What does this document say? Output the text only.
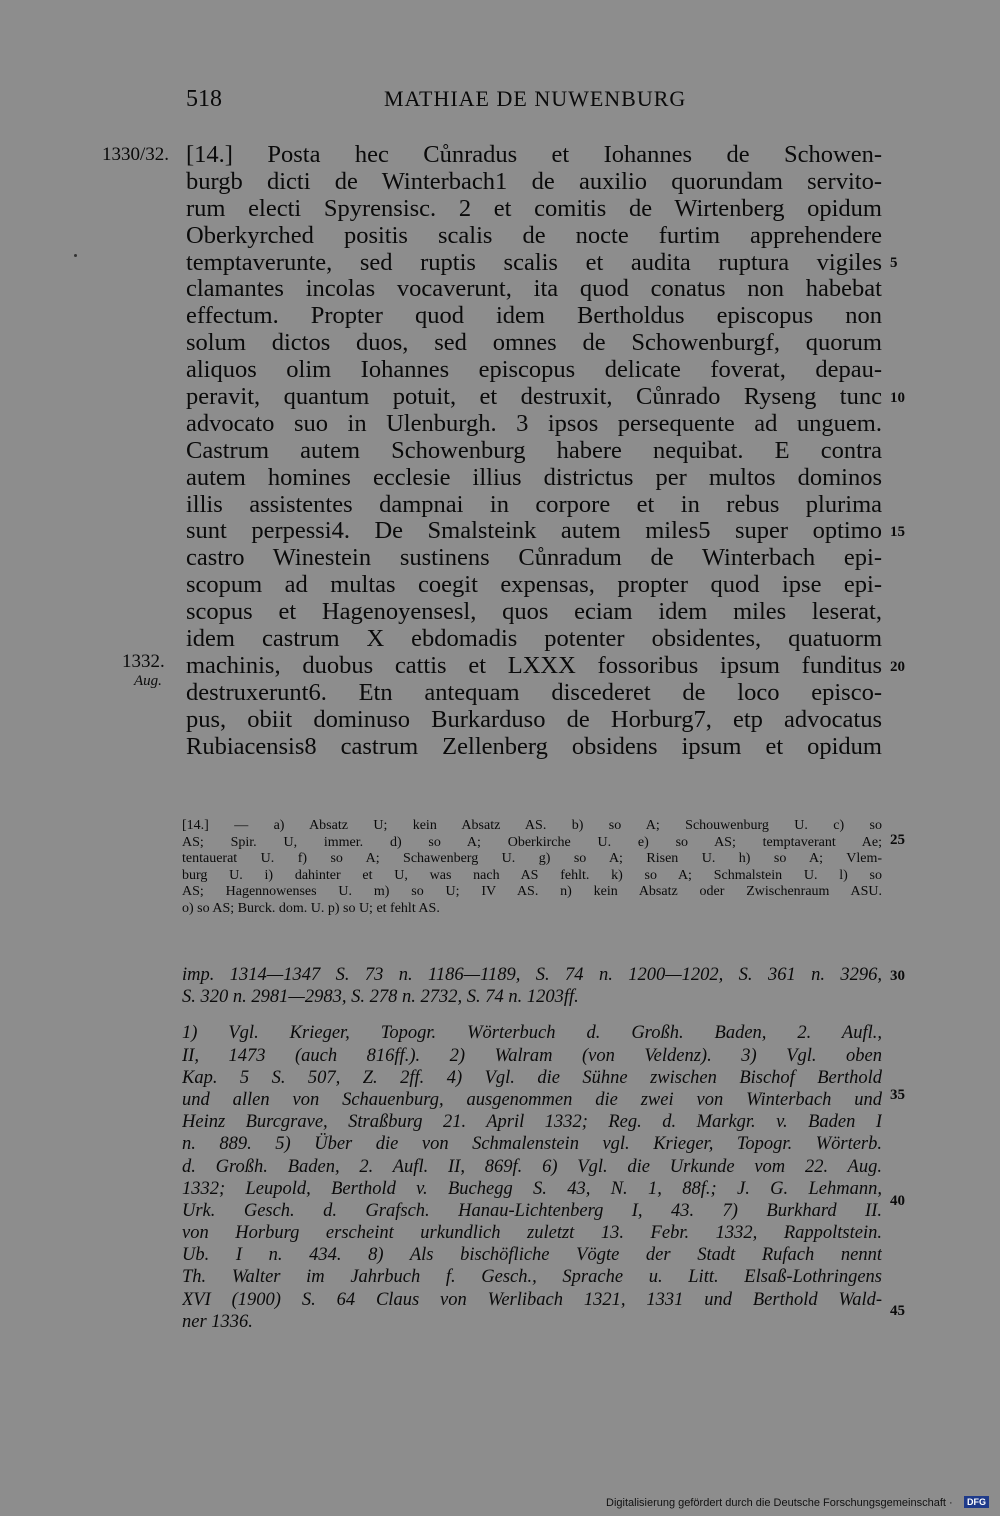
518	MATHIAE DE NUWENBURG
1330/32.
1332.
Aug.
[14.] Posta hec Cůnradus et Iohannes de Schowen-
burgb dicti de Winterbach1 de auxilio quorundam servito-
rum electi Spyrensisc. 2 et comitis de Wirtenberg opidum
Oberkyrched positis scalis de nocte furtim apprehendere
temptaverunte, sed ruptis scalis et audita ruptura vigiles
clamantes incolas vocaverunt, ita quod conatus non habebat
effectum. Propter quod idem Bertholdus episcopus non
solum dictos duos, sed omnes de Schowenburgf, quorum
aliquos olim Iohannes episcopus delicate foverat, depau-
peravit, quantum potuit, et destruxit, Cůnrado Ryseng tunc
advocato suo in Ulenburgh. 3 ipsos persequente ad unguem.
Castrum autem Schowenburg habere nequibat. E contra
autem homines ecclesie illius districtus per multos dominos
illis assistentes dampnai in corpore et in rebus plurima
sunt perpessi4. De Smalsteink autem miles5 super optimo
castro Winestein sustinens Cůnradum de Winterbach epi-
scopum ad multas coegit expensas, propter quod ipse epi-
scopus et Hagenoyensesl, quos eciam idem miles leserat,
idem castrum X ebdomadis potenter obsidentes, quatuorm
machinis, duobus cattis et LXXX fossoribus ipsum funditus
destruxerunt6. Etn antequam discederet de loco episco-
pus, obiit dominuso Burkarduso de Horburg7, etp advocatus
Rubiacensis8 castrum Zellenberg obsidens ipsum et opidum
5
10
15
20
25
30
35
40
45
[14.] — a) Absatz U; kein Absatz AS. b) so A; Schouwenburg U. c) so
AS; Spir. U, immer. d) so A; Oberkirche U. e) so AS; temptaverant Ae;
tentauerat U. f) so A; Schawenberg U. g) so A; Risen U. h) so A; Vlem-
burg U. i) dahinter et U, was nach AS fehlt. k) so A; Schmalstein U. l) so
AS; Hagennowenses U. m) so U; IV AS. n) kein Absatz oder Zwischenraum ASU.
o) so AS; Burck. dom. U. p) so U; et fehlt AS.
imp. 1314—1347 S. 73 n. 1186—1189, S. 74 n. 1200—1202, S. 361 n. 3296,
S. 320 n. 2981—2983, S. 278 n. 2732, S. 74 n. 1203ff.
1) Vgl. Krieger, Topogr. Wörterbuch d. Großh. Baden, 2. Aufl.,
II, 1473 (auch 816ff.). 2) Walram (von Veldenz). 3) Vgl. oben
Kap. 5 S. 507, Z. 2ff. 4) Vgl. die Sühne zwischen Bischof Berthold
und allen von Schauenburg, ausgenommen die zwei von Winterbach und
Heinz Burcgrave, Straßburg 21. April 1332; Reg. d. Markgr. v. Baden I
n. 889. 5) Über die von Schmalenstein vgl. Krieger, Topogr. Wörterb.
d. Großh. Baden, 2. Aufl. II, 869f. 6) Vgl. die Urkunde vom 22. Aug.
1332; Leupold, Berthold v. Buchegg S. 43, N. 1, 88f.; J. G. Lehmann,
Urk. Gesch. d. Grafsch. Hanau-Lichtenberg I, 43. 7) Burkhard II.
von Horburg erscheint urkundlich zuletzt 13. Febr. 1332, Rappoltstein.
Ub. I n. 434. 8) Als bischöfliche Vögte der Stadt Rufach nennt
Th. Walter im Jahrbuch f. Gesch., Sprache u. Litt. Elsaß-Lothringens
XVI (1900) S. 64 Claus von Werlibach 1321, 1331 und Berthold Wald-
ner 1336.
Digitalisierung gefördert durch die Deutsche Forschungsgemeinschaft ·	DFG
